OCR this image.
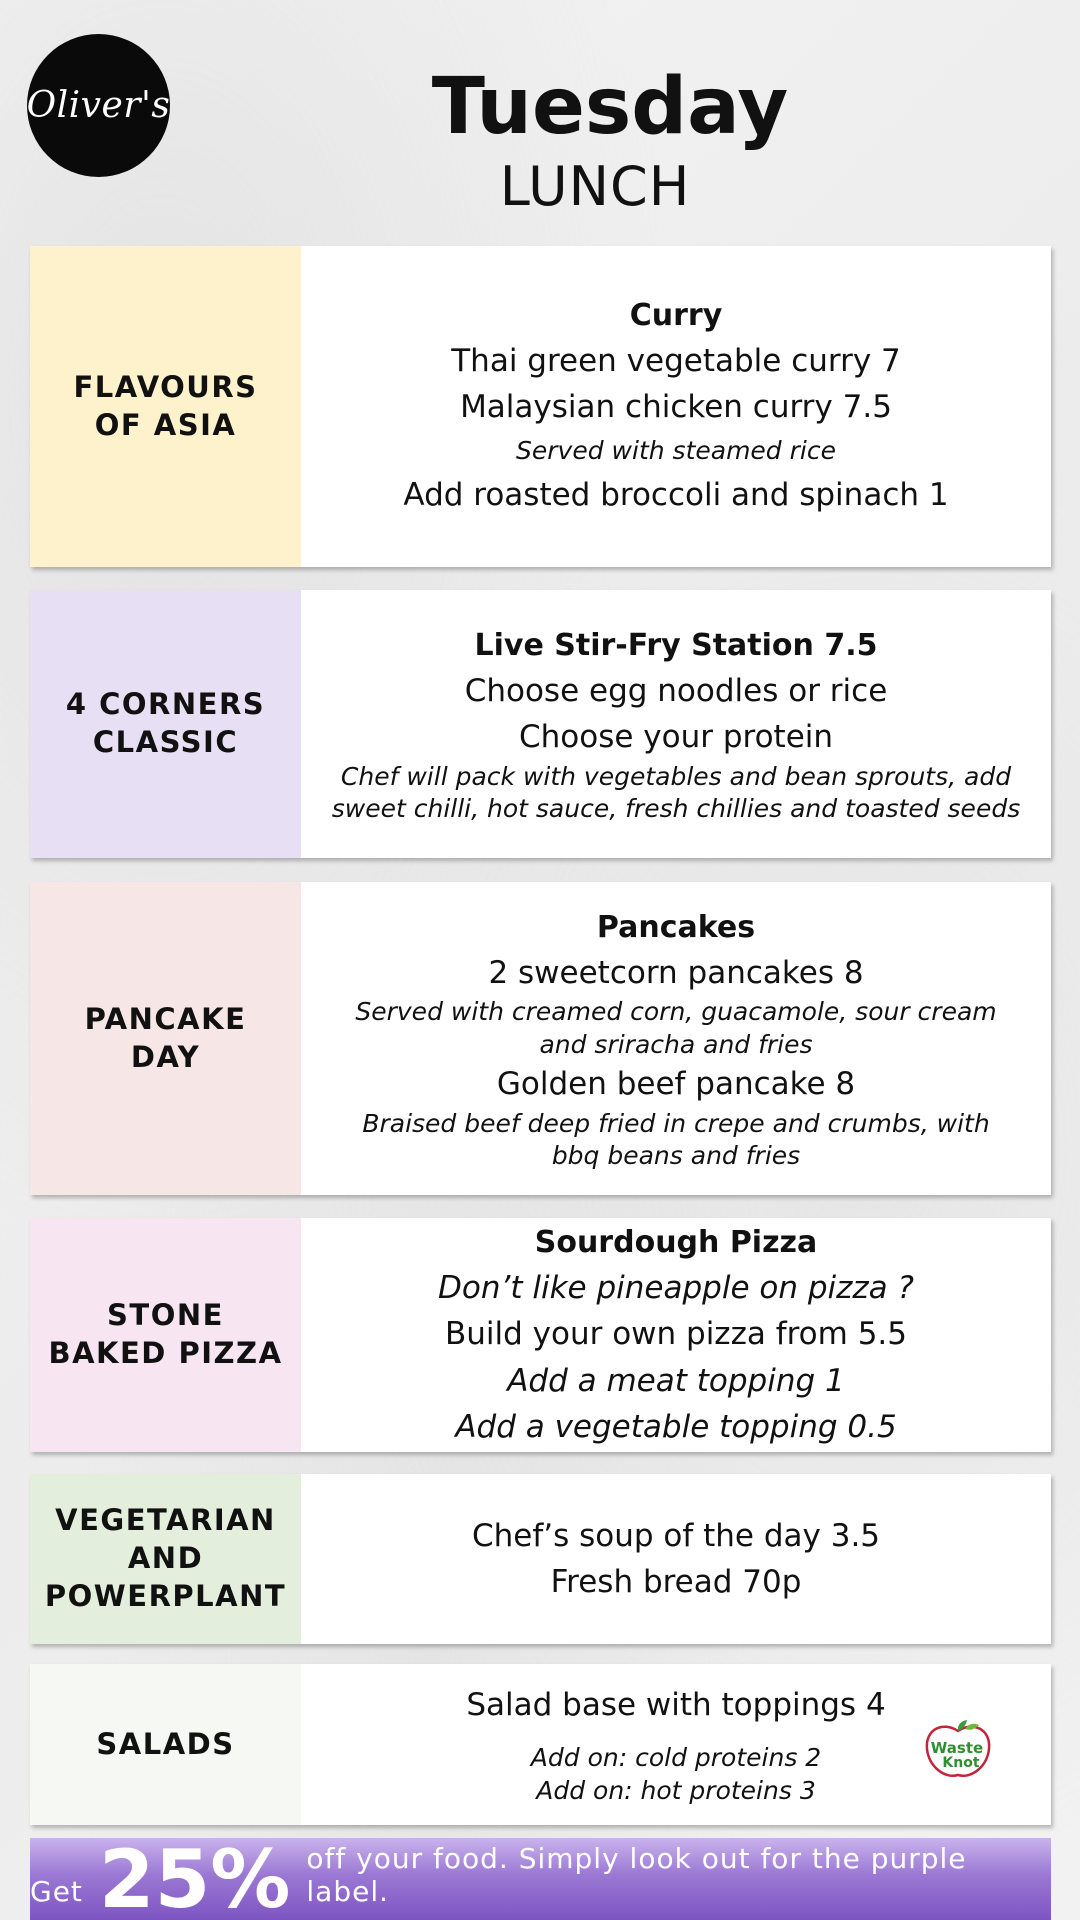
Oliver's	Tuesday
LUNCH
FLAVOURS OF ASIA
Curry
Thai green vegetable curry 7
Malaysian chicken curry 7.5
Served with steamed rice
Add roasted broccoli and spinach 1
4 CORNERS CLASSIC
Live Stir-Fry Station 7.5
Choose egg noodles or rice
Choose your protein
Chef will pack with vegetables and bean sprouts, add sweet chilli, hot sauce, fresh chillies and toasted seeds
PANCAKE DAY
Pancakes
2 sweetcorn pancakes 8
Served with creamed corn, guacamole, sour cream and sriracha and fries
Golden beef pancake 8
Braised beef deep fried in crepe and crumbs, with bbq beans and fries
STONE BAKED PIZZA
Sourdough Pizza
Don’t like pineapple on pizza ?
Build your own pizza from 5.5
Add a meat topping 1
Add a vegetable topping 0.5
VEGETARIAN AND POWERPLANT
Chef’s soup of the day 3.5
Fresh bread 70p
SALADS
Salad base with toppings 4
Add on: cold proteins 2
Add on: hot proteins 3
Waste
Knot
Get 25% off your food. Simply look out for the purple label.
